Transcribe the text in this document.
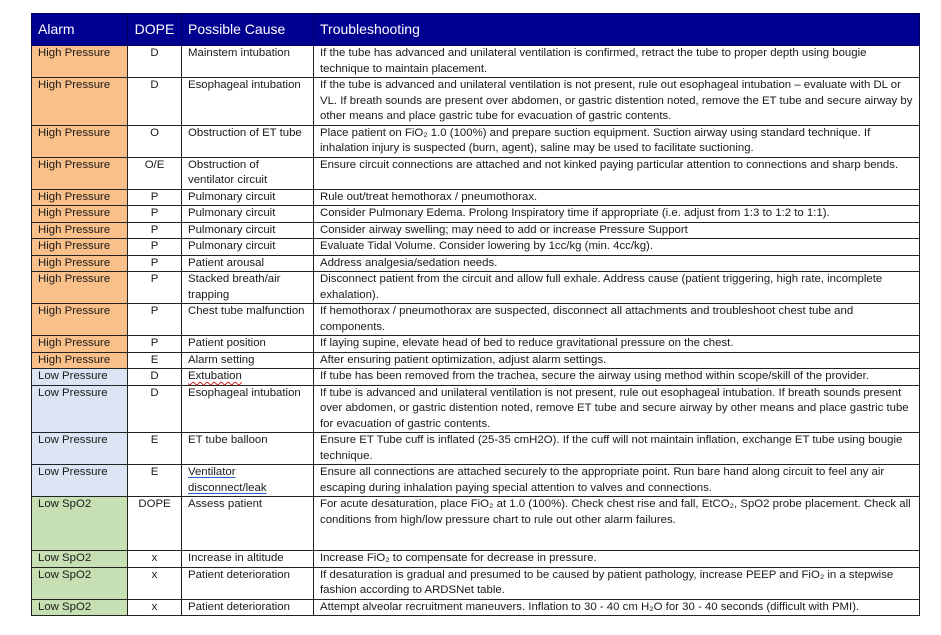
Alarm	DOPE	Possible Cause	Troubleshooting
High Pressure	D	Mainstem intubation	If the tube has advanced and unilateral ventilation is confirmed, retract the tube to proper depth using bougie technique to maintain placement.
High Pressure	D	Esophageal intubation	If the tube is advanced and unilateral ventilation is not present, rule out esophageal intubation – evaluate with DL or VL. If breath sounds are present over abdomen, or gastric distention noted, remove the ET tube and secure airway by other means and place gastric tube for evacuation of gastric contents.
High Pressure	O	Obstruction of ET tube	Place patient on FiO₂ 1.0 (100%) and prepare suction equipment. Suction airway using standard technique. If inhalation injury is suspected (burn, agent), saline may be used to facilitate suctioning.
High Pressure	O/E	Obstruction of ventilator circuit	Ensure circuit connections are attached and not kinked paying particular attention to connections and sharp bends.
High Pressure	P	Pulmonary circuit	Rule out/treat hemothorax / pneumothorax.
High Pressure	P	Pulmonary circuit	Consider Pulmonary Edema. Prolong Inspiratory time if appropriate (i.e. adjust from 1:3 to 1:2 to 1:1).
High Pressure	P	Pulmonary circuit	Consider airway swelling; may need to add or increase Pressure Support
High Pressure	P	Pulmonary circuit	Evaluate Tidal Volume. Consider lowering by 1cc/kg (min. 4cc/kg).
High Pressure	P	Patient arousal	Address analgesia/sedation needs.
High Pressure	P	Stacked breath/air trapping	Disconnect patient from the circuit and allow full exhale. Address cause (patient triggering, high rate, incomplete exhalation).
High Pressure	P	Chest tube malfunction	If hemothorax / pneumothorax are suspected, disconnect all attachments and troubleshoot chest tube and components.
High Pressure	P	Patient position	If laying supine, elevate head of bed to reduce gravitational pressure on the chest.
High Pressure	E	Alarm setting	After ensuring patient optimization, adjust alarm settings.
Low Pressure	D	Extubation	If tube has been removed from the trachea, secure the airway using method within scope/skill of the provider.
Low Pressure	D	Esophageal intubation	If tube is advanced and unilateral ventilation is not present, rule out esophageal intubation. If breath sounds present over abdomen, or gastric distention noted, remove ET tube and secure airway by other means and place gastric tube for evacuation of gastric contents.
Low Pressure	E	ET tube balloon	Ensure ET Tube cuff is inflated (25-35 cmH2O). If the cuff will not maintain inflation, exchange ET tube using bougie technique.
Low Pressure	E	Ventilator disconnect/leak	Ensure all connections are attached securely to the appropriate point. Run bare hand along circuit to feel any air escaping during inhalation paying special attention to valves and connections.
Low SpO2	DOPE	Assess patient	For acute desaturation, place FiO₂ at 1.0 (100%). Check chest rise and fall, EtCO₂, SpO2 probe placement. Check all conditions from high/low pressure chart to rule out other alarm failures.
Low SpO2	x	Increase in altitude	Increase FiO₂ to compensate for decrease in pressure.
Low SpO2	x	Patient deterioration	If desaturation is gradual and presumed to be caused by patient pathology, increase PEEP and FiO₂ in a stepwise fashion according to ARDSNet table.
Low SpO2	x	Patient deterioration	Attempt alveolar recruitment maneuvers. Inflation to 30 - 40 cm H₂O for 30 - 40 seconds (difficult with PMI).
